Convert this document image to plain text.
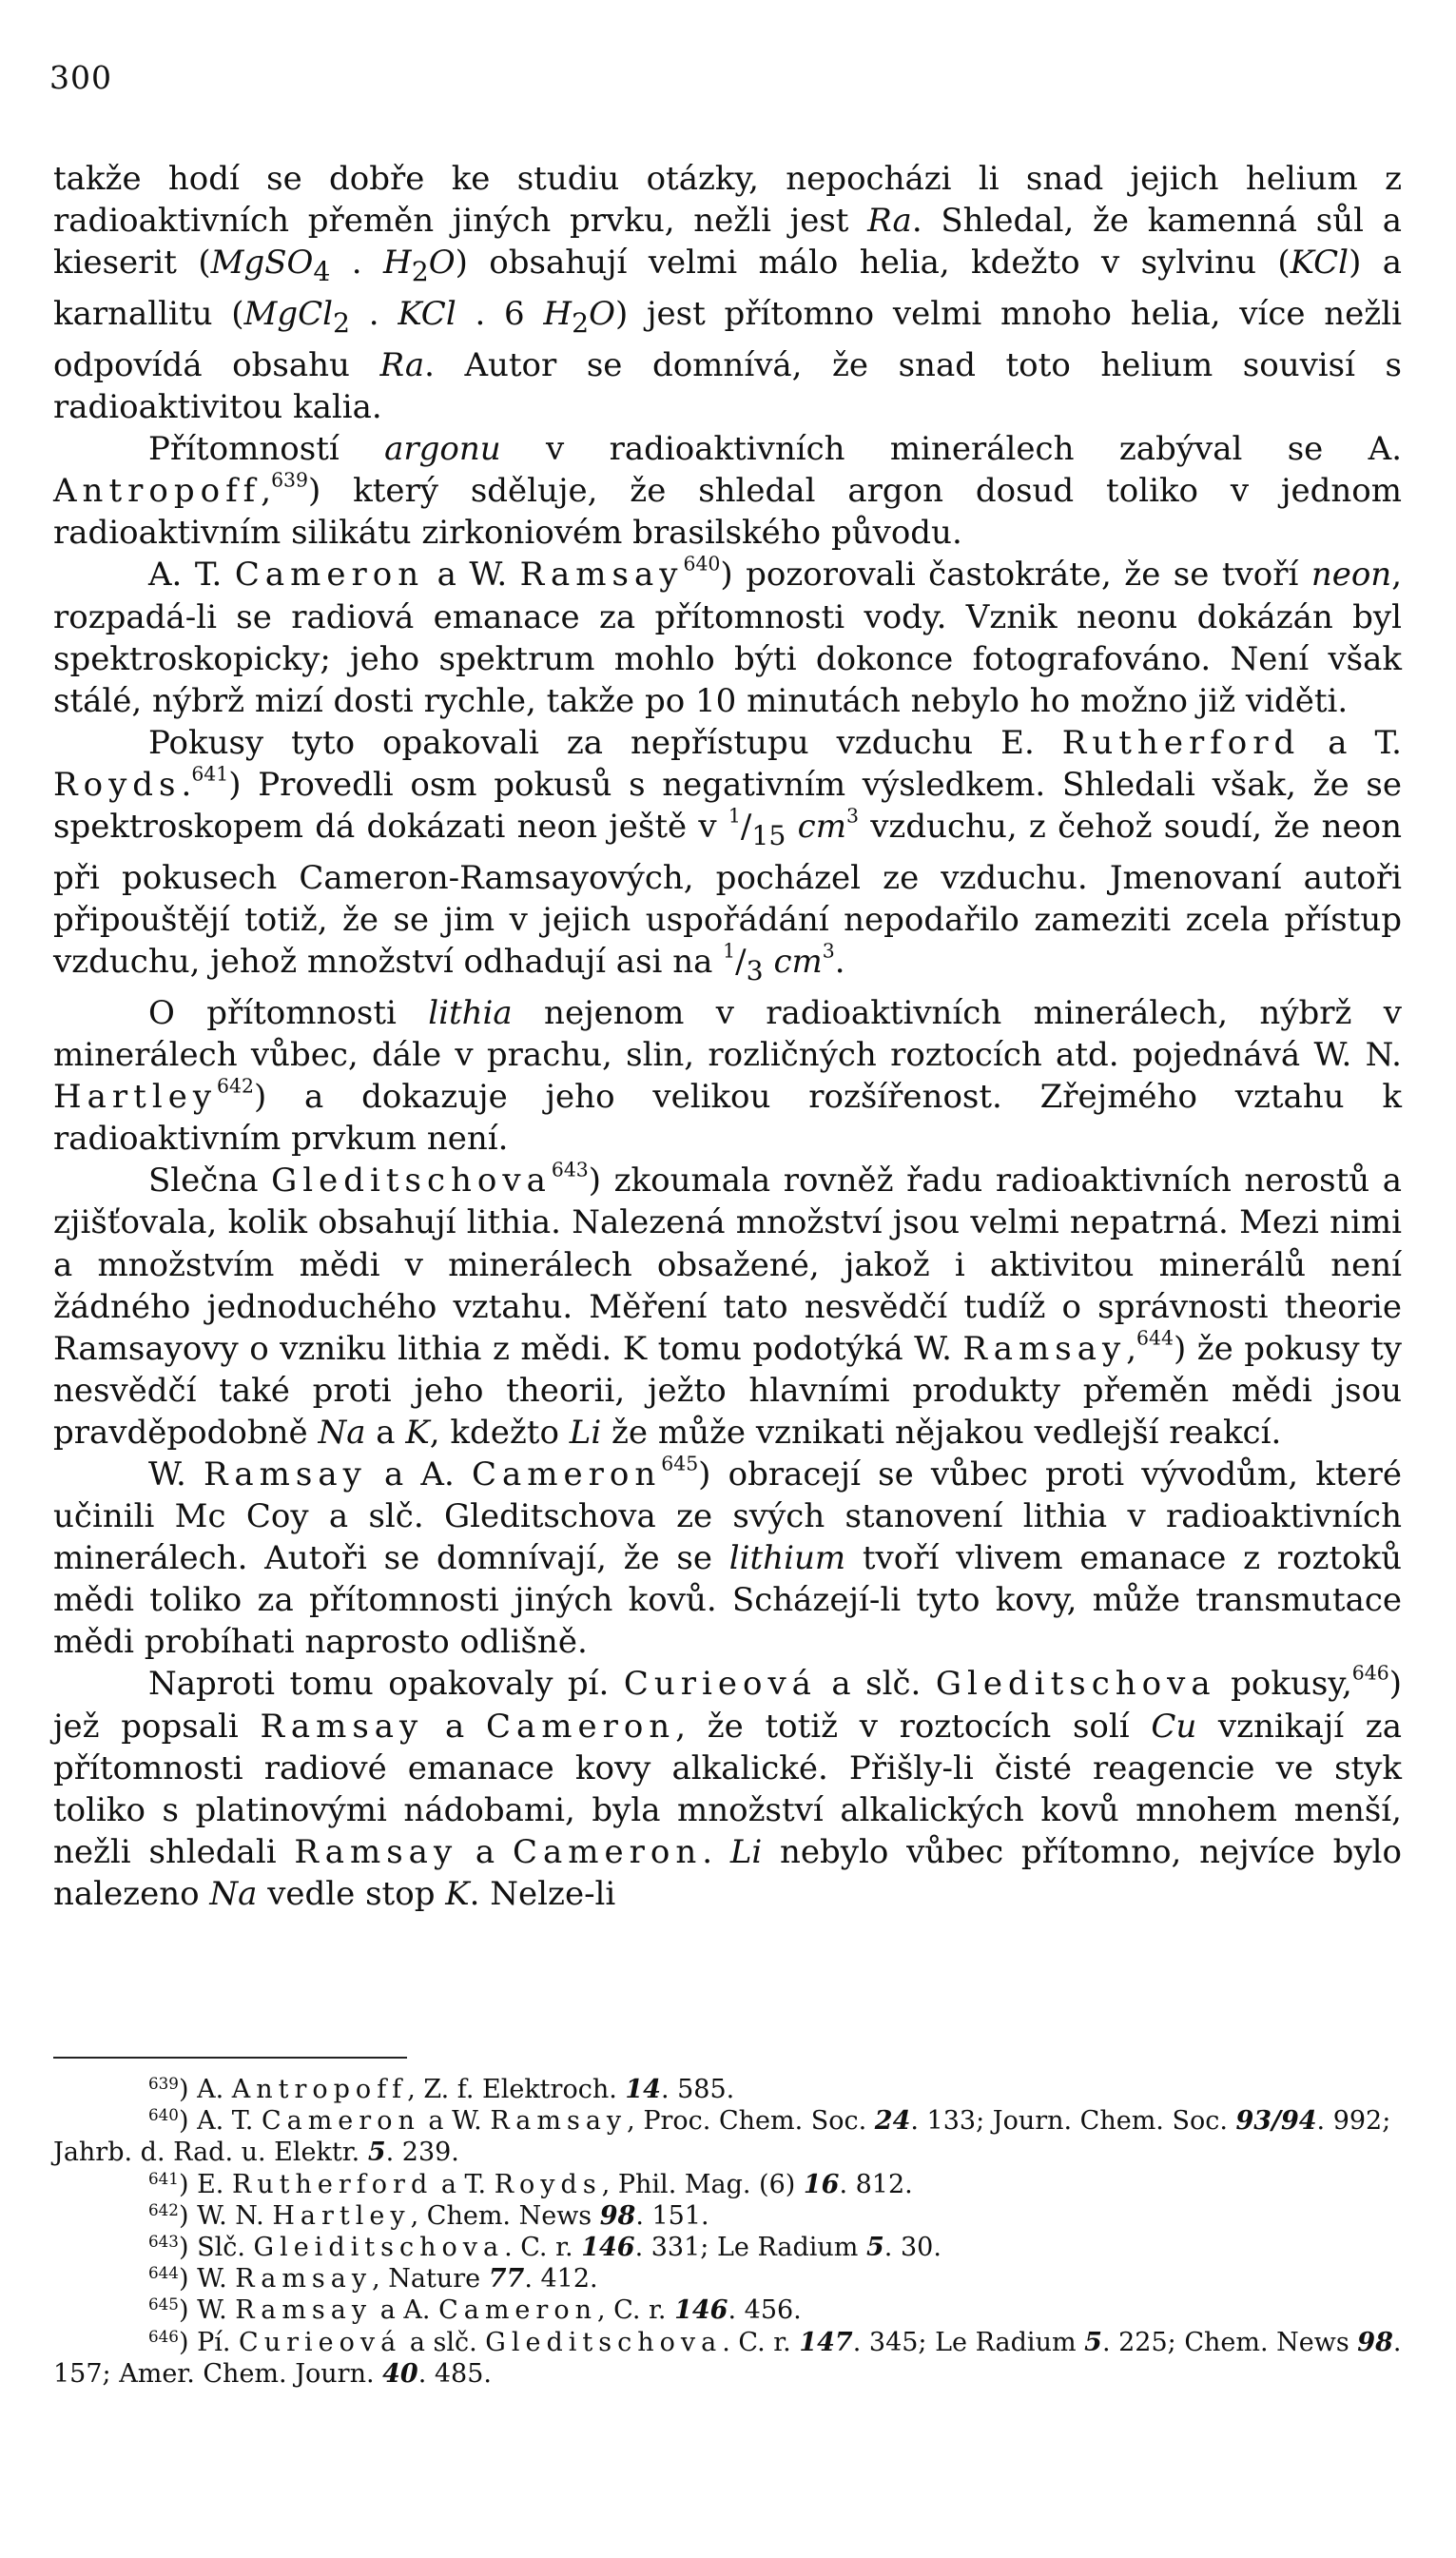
300

takže hodí se dobře ke studiu otázky, nepocházi li snad jejich helium z radioaktivních přeměn jiných prvku, nežli jest Ra. Shledal, že kamenná sůl a kieserit (MgSO$_4$ . $H_2O$) obsahují velmi málo helia, kdežto v sylvinu (KCl) a karnallitu (MgCl$_2$ . KCl . 6 $H_2O$) jest přítomno velmi mnoho helia, více nežli odpovídá obsahu Ra. Autor se domnívá, že snad toto helium souvisí s radioaktivitou kalia.

Přítomností argonu v radioaktivních minerálech zabýval se A. Antropoff,$^{639}$) který sděluje, že shledal argon dosud toliko v jednom radioaktivním silikátu zirkoniovém brasilského původu.

A. T. Cameron a W. Ramsay$^{640}$) pozorovali častokráte, že se tvoří neon, rozpadá-li se radiová emanace za přítomnosti vody. Vznik neonu dokázán byl spektroskopicky; jeho spektrum mohlo býti dokonce fotografováno. Není však stálé, nýbrž mizí dosti rychle, takže po 10 minutách nebylo ho možno již viděti.

Pokusy tyto opakovali za nepřístupu vzduchu E. Rutherford a T. Royds.$^{641}$) Provedli osm pokusů s negativním výsledkem. Shledali však, že se spektroskopem dá dokázati neon ještě v $^1/_{15}$ $cm^3$ vzduchu, z čehož soudí, že neon při pokusech Cameron-Ramsayových, pocházel ze vzduchu. Jmenovaní autoři připouštějí totiž, že se jim v jejich uspořádání nepodařilo zameziti zcela přístup vzduchu, jehož množství odhadují asi na $^1/_3$ $cm^3$.

O přítomnosti lithia nejenom v radioaktivních minerálech, nýbrž v minerálech vůbec, dále v prachu, slin, rozličných roztocích atd. pojednává W. N. Hartley$^{642}$) a dokazuje jeho velikou rozšířenost. Zřejmého vztahu k radioaktivním prvkum není.

Slečna Gleditschova$^{643}$) zkoumala rovněž řadu radioaktivních nerostů a zjišťovala, kolik obsahují lithia. Nalezená množství jsou velmi nepatrná. Mezi nimi a množstvím mědi v minerálech obsažené, jakož i aktivitou minerálů není žádného jednoduchého vztahu. Měření tato nesvědčí tudíž o správnosti theorie Ramsayovy o vzniku lithia z mědi. K tomu podotýká W. Ramsay,$^{644}$) že pokusy ty nesvědčí také proti jeho theorii, ježto hlavními produkty přeměn mědi jsou pravděpodobně Na a K, kdežto Li že může vznikati nějakou vedlejší reakcí.

W. Ramsay a A. Cameron$^{645}$) obracejí se vůbec proti vývodům, které učinili Mc Coy a slč. Gleditschova ze svých stanovení lithia v radioaktivních minerálech. Autoři se domnívají, že se lithium tvoří vlivem emanace z roztoků mědi toliko za přítomnosti jiných kovů. Scházejí-li tyto kovy, může transmutace mědi probíhati naprosto odlišně.

Naproti tomu opakovaly pí. Curieová a slč. Gleditschova pokusy,$^{646}$) jež popsali Ramsay a Cameron, že totiž v roztocích solí Cu vznikají za přítomnosti radiové emanace kovy alkalické. Přišly-li čisté reagencie ve styk toliko s platinovými nádobami, byla množství alkalických kovů mnohem menší, nežli shledali Ramsay a Cameron. Li nebylo vůbec přítomno, nejvíce bylo nalezeno Na vedle stop K. Nelze-li

$^{639}$) A. Antropoff, Z. f. Elektroch. 14. 585.

$^{640}$) A. T. Cameron a W. Ramsay, Proc. Chem. Soc. 24. 133; Journ. Chem. Soc. 93/94. 992; Jahrb. d. Rad. u. Elektr. 5. 239.

$^{641}$) E. Rutherford a T. Royds, Phil. Mag. (6) 16. 812.

$^{642}$) W. N. Hartley, Chem. News 98. 151.

$^{643}$) Slč. Gleiditschova. C. r. 146. 331; Le Radium 5. 30.

$^{644}$) W. Ramsay, Nature 77. 412.

$^{645}$) W. Ramsay a A. Cameron, C. r. 146. 456.

$^{646}$) Pí. Curieová a slč. Gleditschova. C. r. 147. 345; Le Radium 5. 225; Chem. News 98. 157; Amer. Chem. Journ. 40. 485.
